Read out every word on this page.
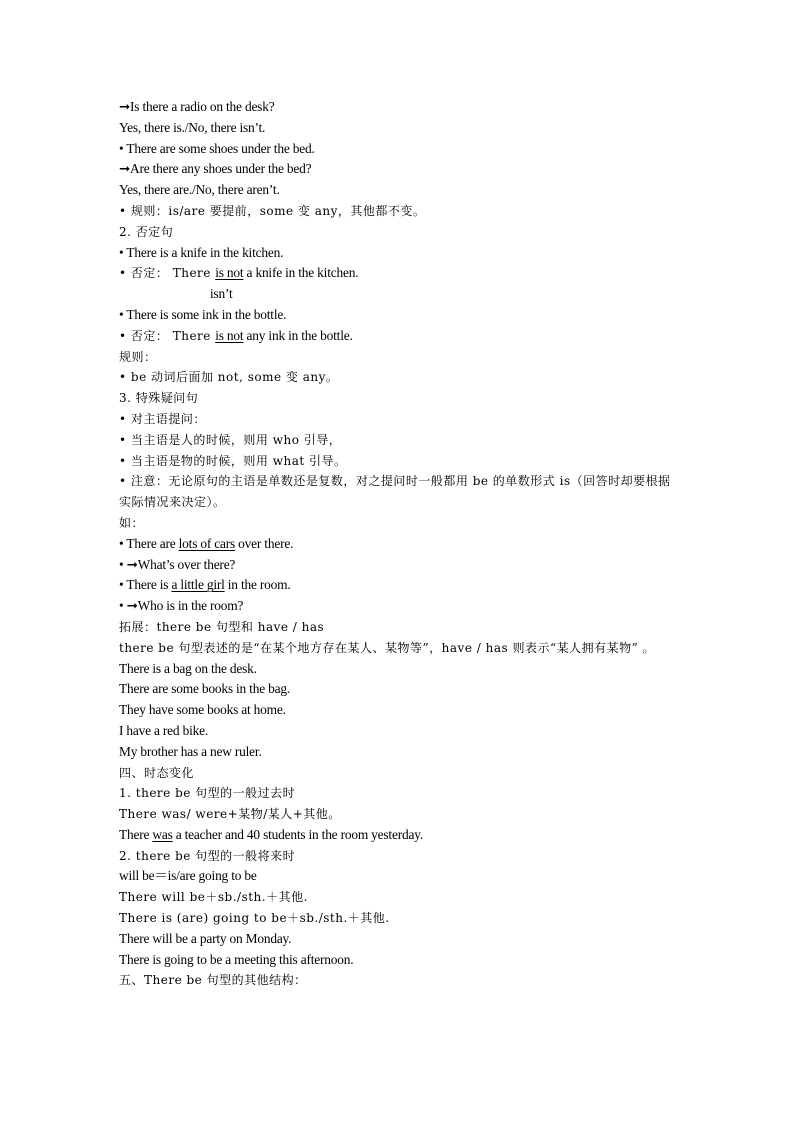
➞Is there a radio on the desk?
Yes, there is./No, there isn’t.
• There are some shoes under the bed.
➞Are there any shoes under the bed?
Yes, there are./No, there aren’t.
• 规则：is/are 要提前，some 变 any，其他都不变。
2. 否定句
• There is a knife in the kitchen.
• 否定： There is not a knife in the kitchen.
isn’t
• There is some ink in the bottle.
• 否定： There is not any ink in the bottle.
规则：
• be 动词后面加 not, some 变 any。
3. 特殊疑问句
• 对主语提问：
• 当主语是人的时候，则用 who 引导，
• 当主语是物的时候，则用 what 引导。
• 注意：无论原句的主语是单数还是复数，对之提问时一般都用 be 的单数形式 is（回答时却要根据实际情况来决定）。
如：
• There are lots of cars over there.
• ➞What’s over there?
• There is a little girl in the room.
• ➞Who is in the room?
拓展：there be 句型和 have / has
there be 句型表述的是“在某个地方存在某人、某物等”，have / has 则表示“某人拥有某物” 。
There is a bag on the desk.
There are some books in the bag.
They have some books at home.
I have a red bike.
My brother has a new ruler.
四、时态变化
1. there be 句型的一般过去时
There was/ were+某物/某人+其他。
There was a teacher and 40 students in the room yesterday.
2. there be 句型的一般将来时
will be＝is/are going to be
There will be＋sb./sth.＋其他.
There is (are) going to be＋sb./sth.＋其他.
There will be a party on Monday.
There is going to be a meeting this afternoon.
五、There be 句型的其他结构：
